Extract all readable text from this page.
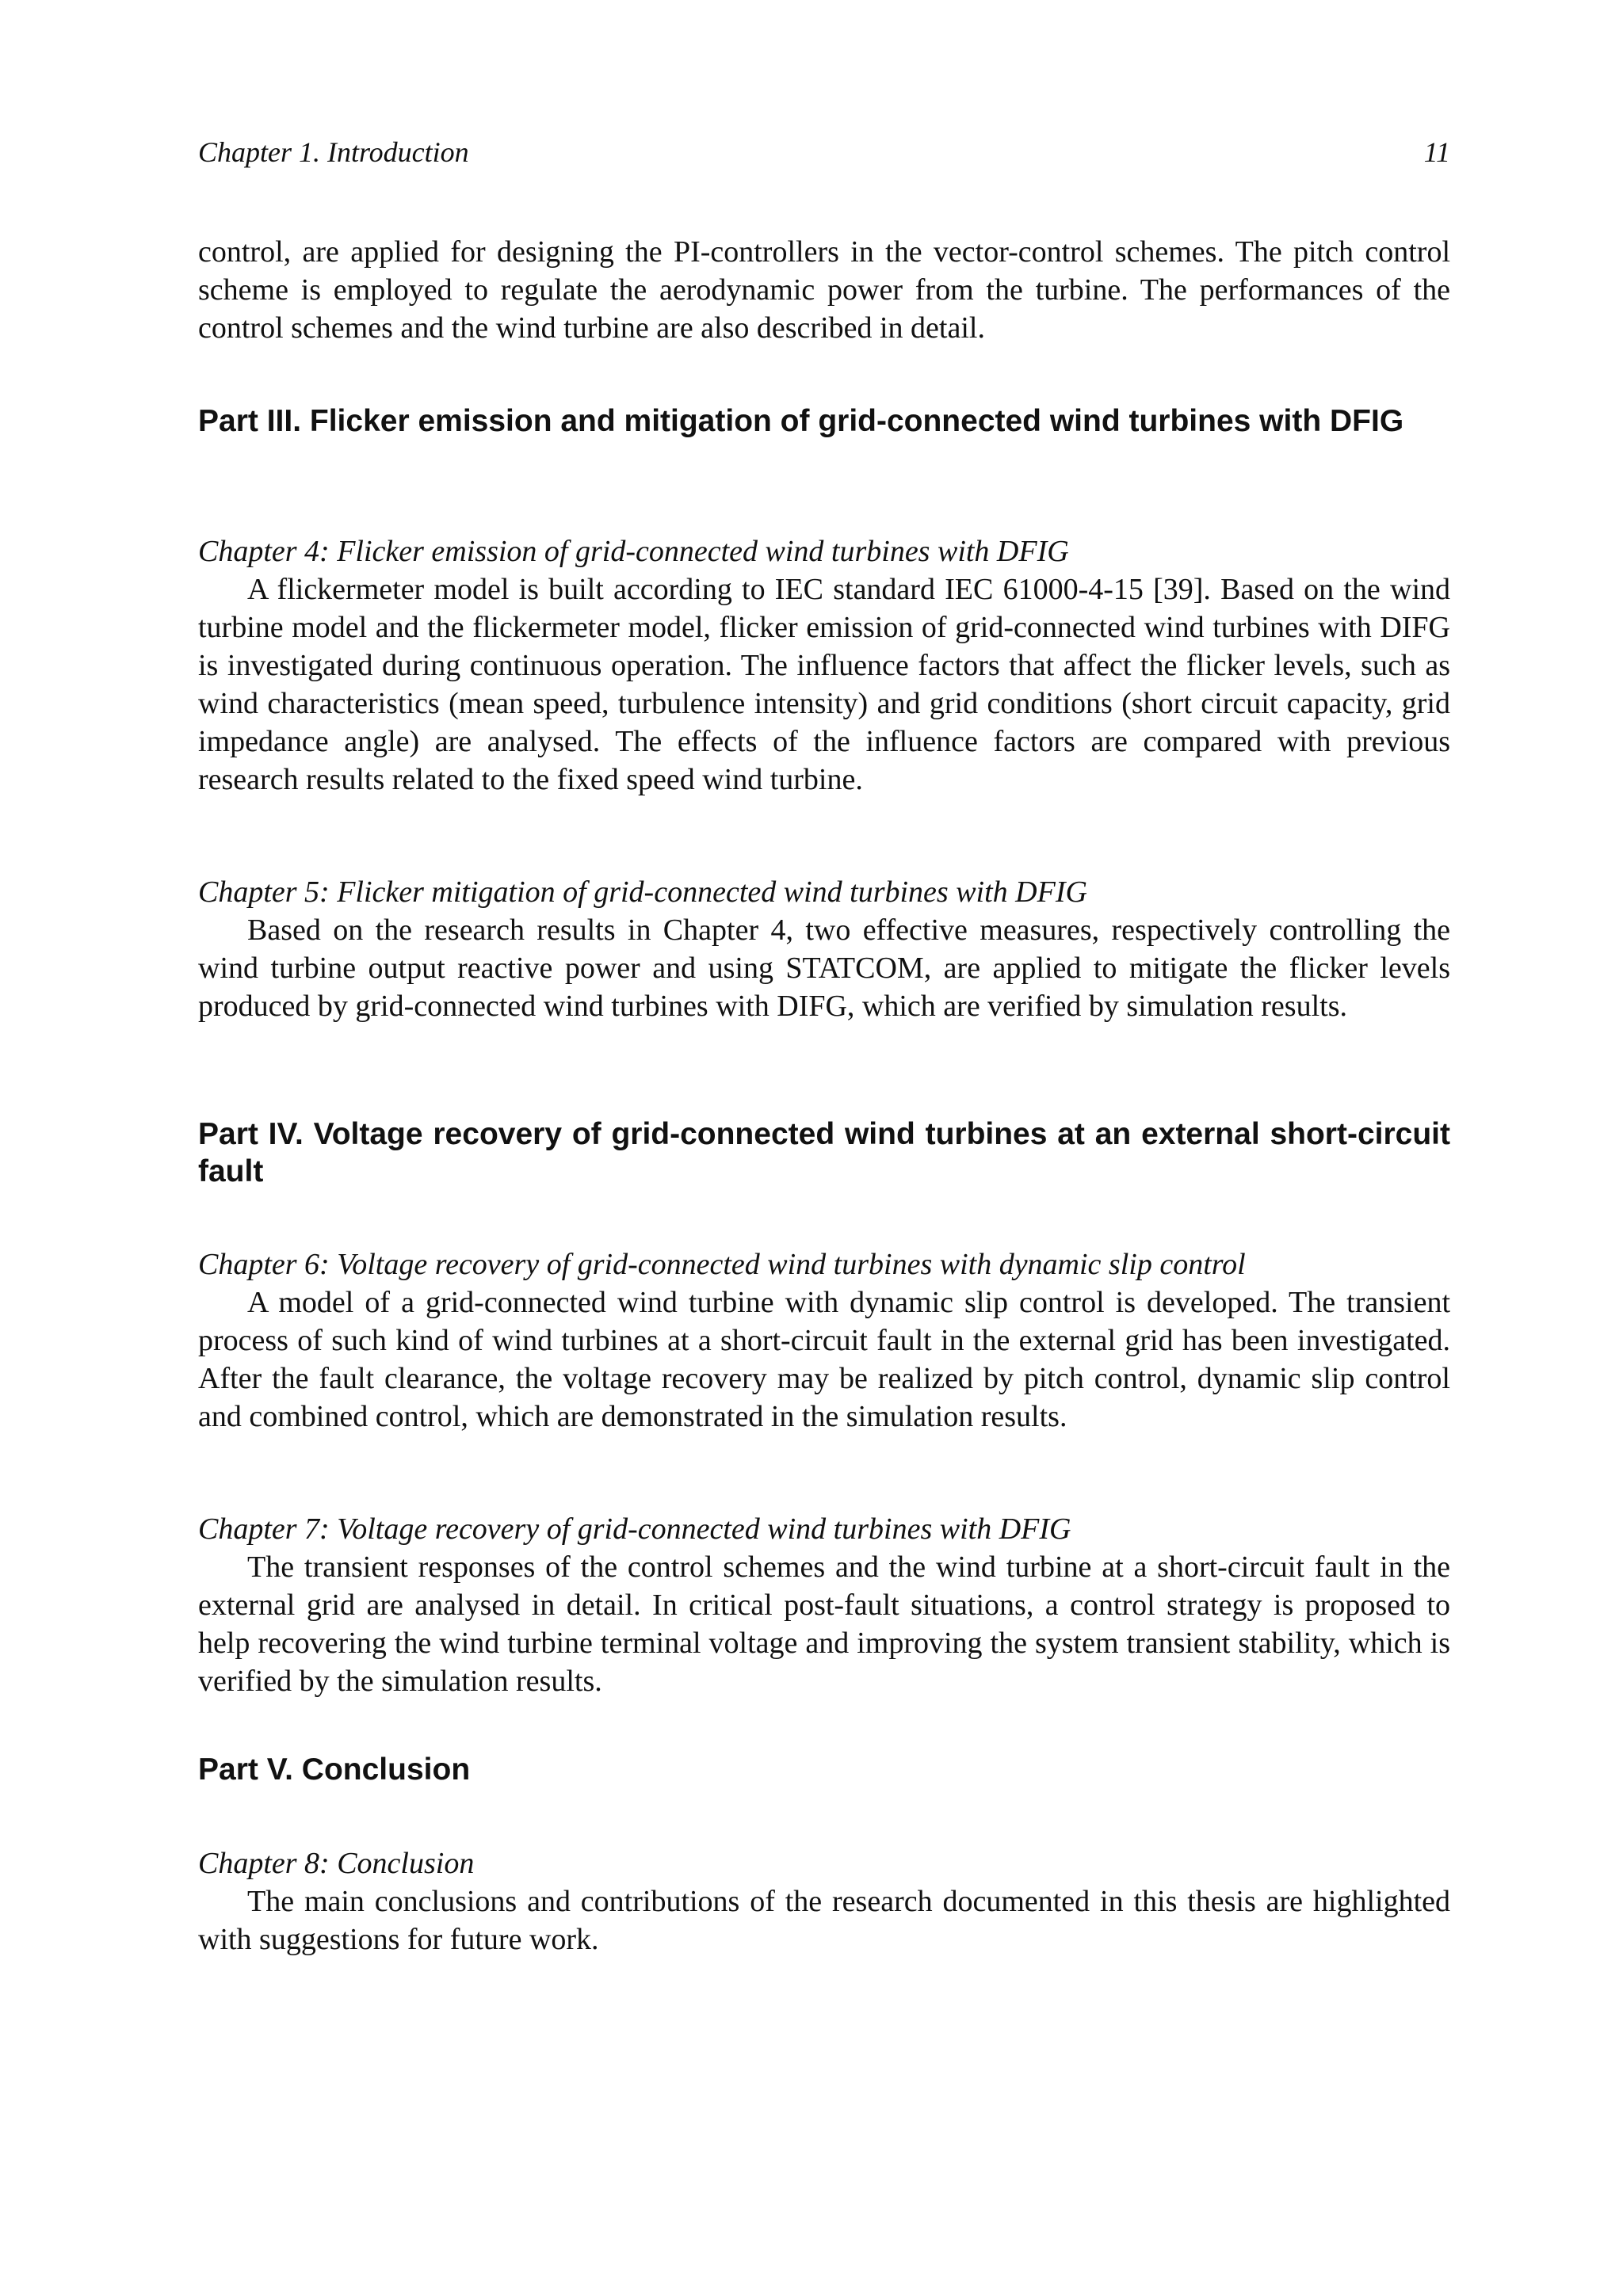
Chapter 1. Introduction	11

control, are applied for designing the PI-controllers in the vector-control schemes. The pitch control scheme is employed to regulate the aerodynamic power from the turbine. The performances of the control schemes and the wind turbine are also described in detail.

Part III. Flicker emission and mitigation of grid-connected wind turbines with DFIG

Chapter 4: Flicker emission of grid-connected wind turbines with DFIG

A flickermeter model is built according to IEC standard IEC 61000-4-15 [39]. Based on the wind turbine model and the flickermeter model, flicker emission of grid-connected wind turbines with DIFG is investigated during continuous operation. The influence factors that affect the flicker levels, such as wind characteristics (mean speed, turbulence intensity) and grid conditions (short circuit capacity, grid impedance angle) are analysed. The effects of the influence factors are compared with previous research results related to the fixed speed wind turbine.

Chapter 5: Flicker mitigation of grid-connected wind turbines with DFIG

Based on the research results in Chapter 4, two effective measures, respectively controlling the wind turbine output reactive power and using STATCOM, are applied to mitigate the flicker levels produced by grid-connected wind turbines with DIFG, which are verified by simulation results.

Part IV. Voltage recovery of grid-connected wind turbines at an external short-circuit fault

Chapter 6: Voltage recovery of grid-connected wind turbines with dynamic slip control

A model of a grid-connected wind turbine with dynamic slip control is developed. The transient process of such kind of wind turbines at a short-circuit fault in the external grid has been investigated. After the fault clearance, the voltage recovery may be realized by pitch control, dynamic slip control and combined control, which are demonstrated in the simulation results.

Chapter 7: Voltage recovery of grid-connected wind turbines with DFIG

The transient responses of the control schemes and the wind turbine at a short-circuit fault in the external grid are analysed in detail. In critical post-fault situations, a control strategy is proposed to help recovering the wind turbine terminal voltage and improving the system transient stability, which is verified by the simulation results.

Part V. Conclusion

Chapter 8: Conclusion

The main conclusions and contributions of the research documented in this thesis are highlighted with suggestions for future work.
